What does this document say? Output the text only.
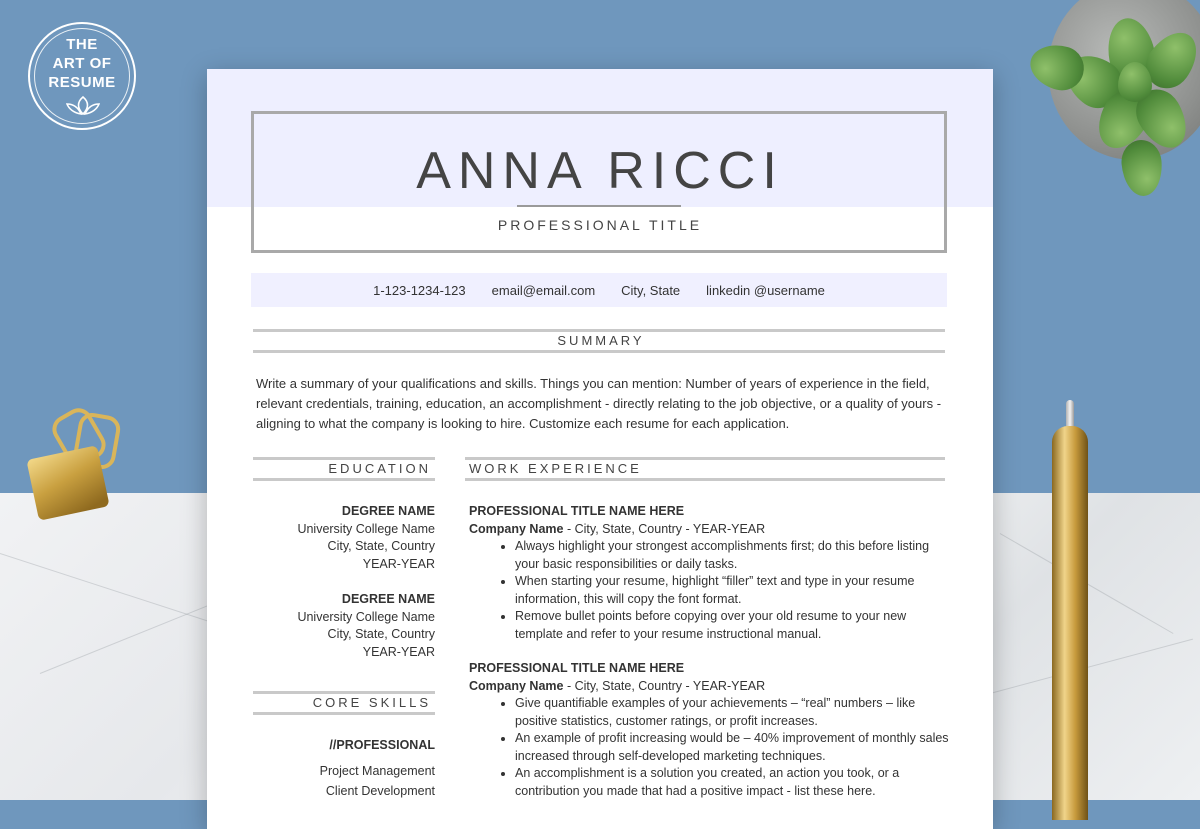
THE
ART OF
RESUME
ANNA RICCI
PROFESSIONAL TITLE
1-123-1234-123 email@email.com City, State linkedin @username
SUMMARY
Write a summary of your qualifications and skills. Things you can mention: Number of years of experience in the field, relevant credentials, training, education, an accomplishment - directly relating to the job objective, or a quality of yours - aligning to what the company is looking to hire. Customize each resume for each application.
EDUCATION
DEGREE NAME
University College Name
City, State, Country
YEAR-YEAR
DEGREE NAME
University College Name
City, State, Country
YEAR-YEAR
CORE SKILLS
//PROFESSIONAL
Project Management
Client Development
WORK EXPERIENCE
PROFESSIONAL TITLE NAME HERE
Company Name - City, State, Country - YEAR-YEAR
• Always highlight your strongest accomplishments first; do this before listing your basic responsibilities or daily tasks.
• When starting your resume, highlight “filler” text and type in your resume information, this will copy the font format.
• Remove bullet points before copying over your old resume to your new template and refer to your resume instructional manual.
PROFESSIONAL TITLE NAME HERE
Company Name - City, State, Country - YEAR-YEAR
• Give quantifiable examples of your achievements – “real” numbers – like positive statistics, customer ratings, or profit increases.
• An example of profit increasing would be – 40% improvement of monthly sales increased through self-developed marketing techniques.
• An accomplishment is a solution you created, an action you took, or a contribution you made that had a positive impact - list these here.
